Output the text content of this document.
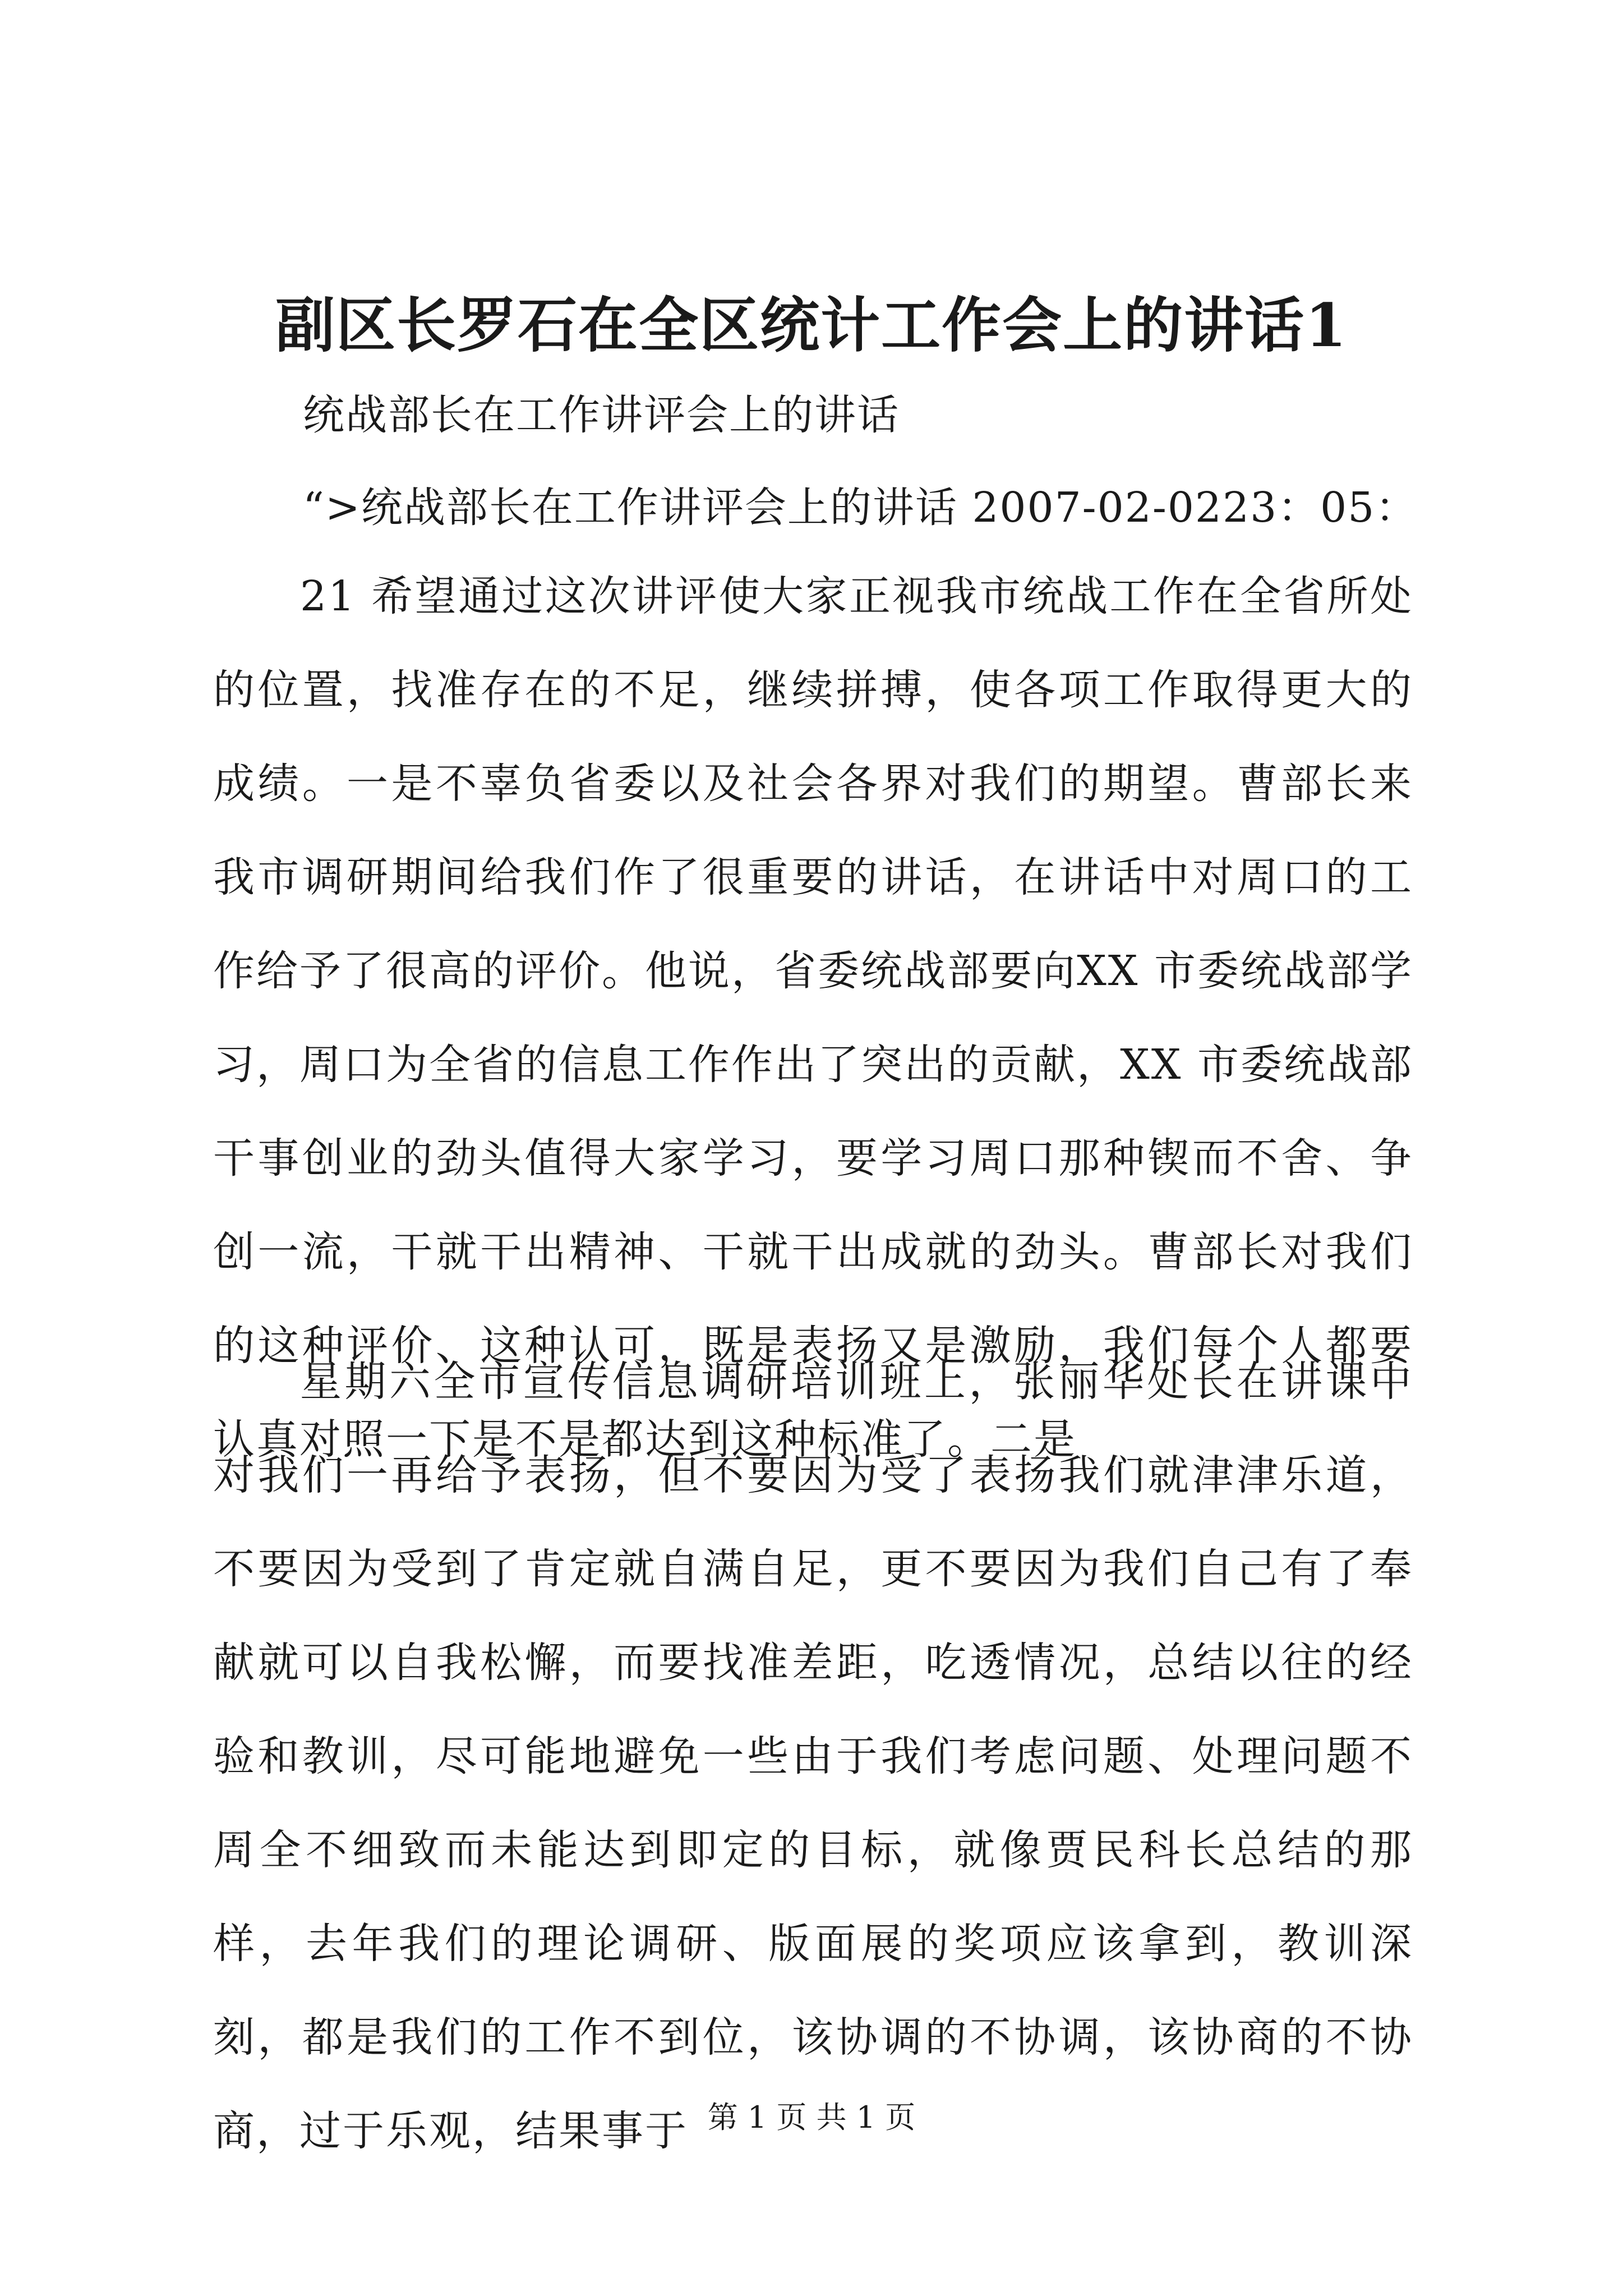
副区长罗石在全区统计工作会上的讲话1

统战部长在工作讲评会上的讲话

“>统战部长在工作讲评会上的讲话 2007-02-0223：05：

21 希望通过这次讲评使大家正视我市统战工作在全省所处的位置，找准存在的不足，继续拼搏，使各项工作取得更大的成绩。一是不辜负省委以及社会各界对我们的期望。曹部长来我市调研期间给我们作了很重要的讲话，在讲话中对周口的工作给予了很高的评价。他说，省委统战部要向XX 市委统战部学习，周口为全省的信息工作作出了突出的贡献，XX 市委统战部干事创业的劲头值得大家学习，要学习周口那种锲而不舍、争创一流，干就干出精神、干就干出成就的劲头。曹部长对我们的这种评价、这种认可，既是表扬又是激励，我们每个人都要认真对照一下是不是都达到这种标准了。二是

星期六全市宣传信息调研培训班上，张丽华处长在讲课中对我们一再给予表扬，但不要因为受了表扬我们就津津乐道，不要因为受到了肯定就自满自足，更不要因为我们自己有了奉献就可以自我松懈，而要找准差距，吃透情况，总结以往的经验和教训，尽可能地避免一些由于我们考虑问题、处理问题不周全不细致而未能达到即定的目标，就像贾民科长总结的那样，去年我们的理论调研、版面展的奖项应该拿到，教训深刻，都是我们的工作不到位，该协调的不协调，该协商的不协商，过于乐观，结果事于 第 1 页 共 1 页
